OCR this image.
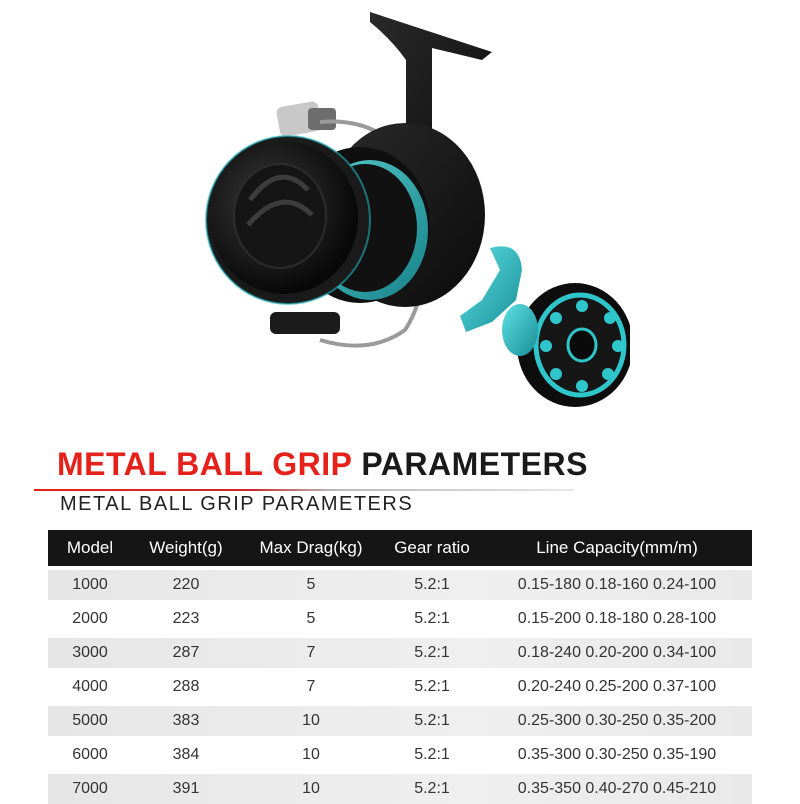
METAL BALL GRIP PARAMETERS

METAL BALL GRIP PARAMETERS

Model	Weight(g)	Max Drag(kg)	Gear ratio	Line Capacity(mm/m)
1000	220	5	5.2:1	0.15-180 0.18-160 0.24-100
2000	223	5	5.2:1	0.15-200 0.18-180 0.28-100
3000	287	7	5.2:1	0.18-240 0.20-200 0.34-100
4000	288	7	5.2:1	0.20-240 0.25-200 0.37-100
5000	383	10	5.2:1	0.25-300 0.30-250 0.35-200
6000	384	10	5.2:1	0.35-300 0.30-250 0.35-190
7000	391	10	5.2:1	0.35-350 0.40-270 0.45-210
